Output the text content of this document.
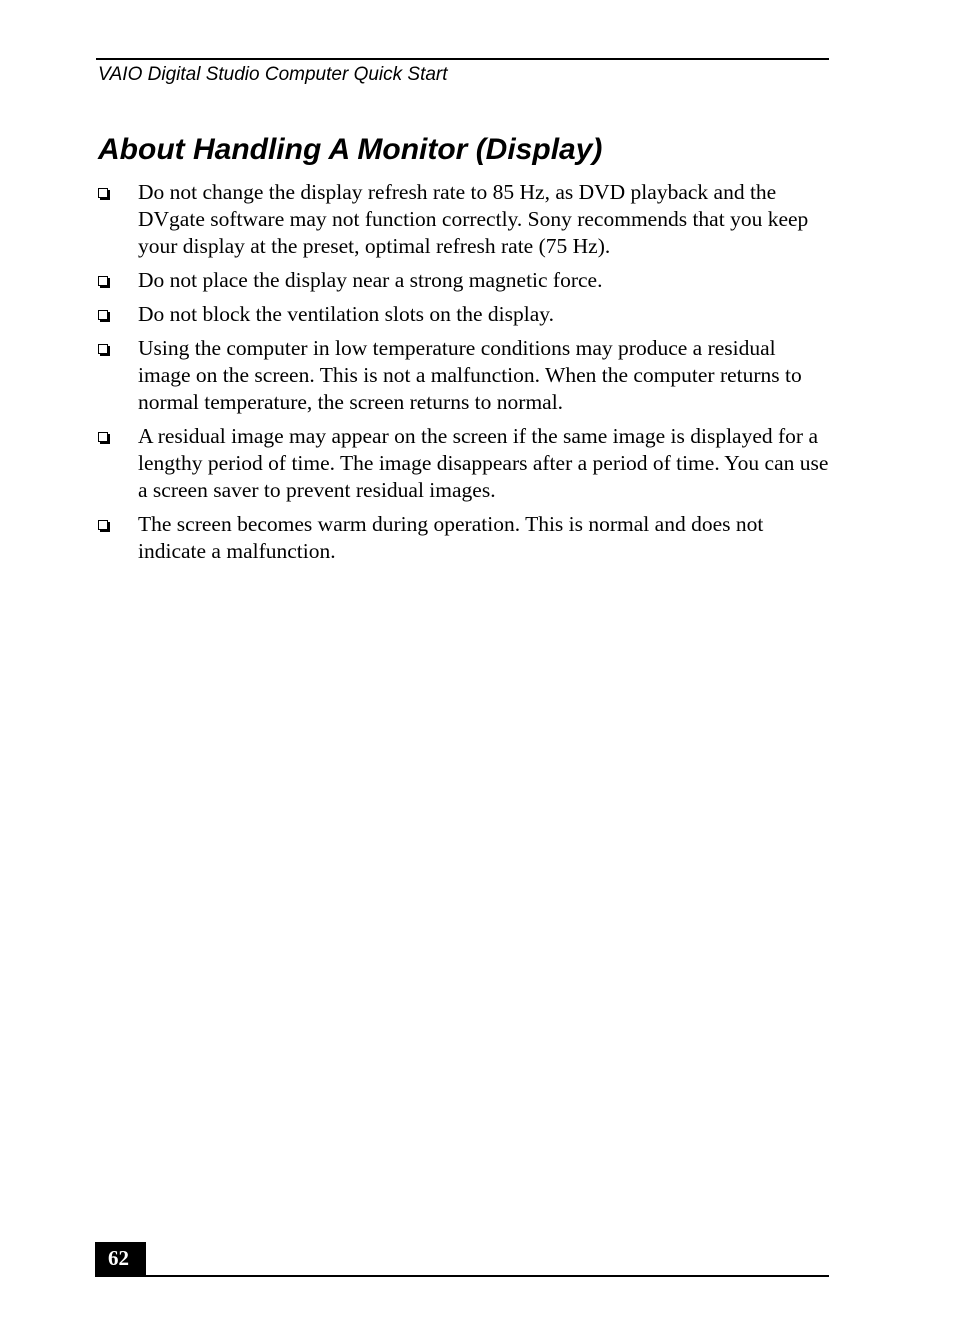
VAIO Digital Studio Computer Quick Start
About Handling A Monitor (Display)
Do not change the display refresh rate to 85 Hz, as DVD playback and the DVgate software may not function correctly. Sony recommends that you keep your display at the preset, optimal refresh rate (75 Hz).
Do not place the display near a strong magnetic force.
Do not block the ventilation slots on the display.
Using the computer in low temperature conditions may produce a residual image on the screen. This is not a malfunction. When the computer returns to normal temperature, the screen returns to normal.
A residual image may appear on the screen if the same image is displayed for a lengthy period of time. The image disappears after a period of time. You can use a screen saver to prevent residual images.
The screen becomes warm during operation. This is normal and does not indicate a malfunction.
62
